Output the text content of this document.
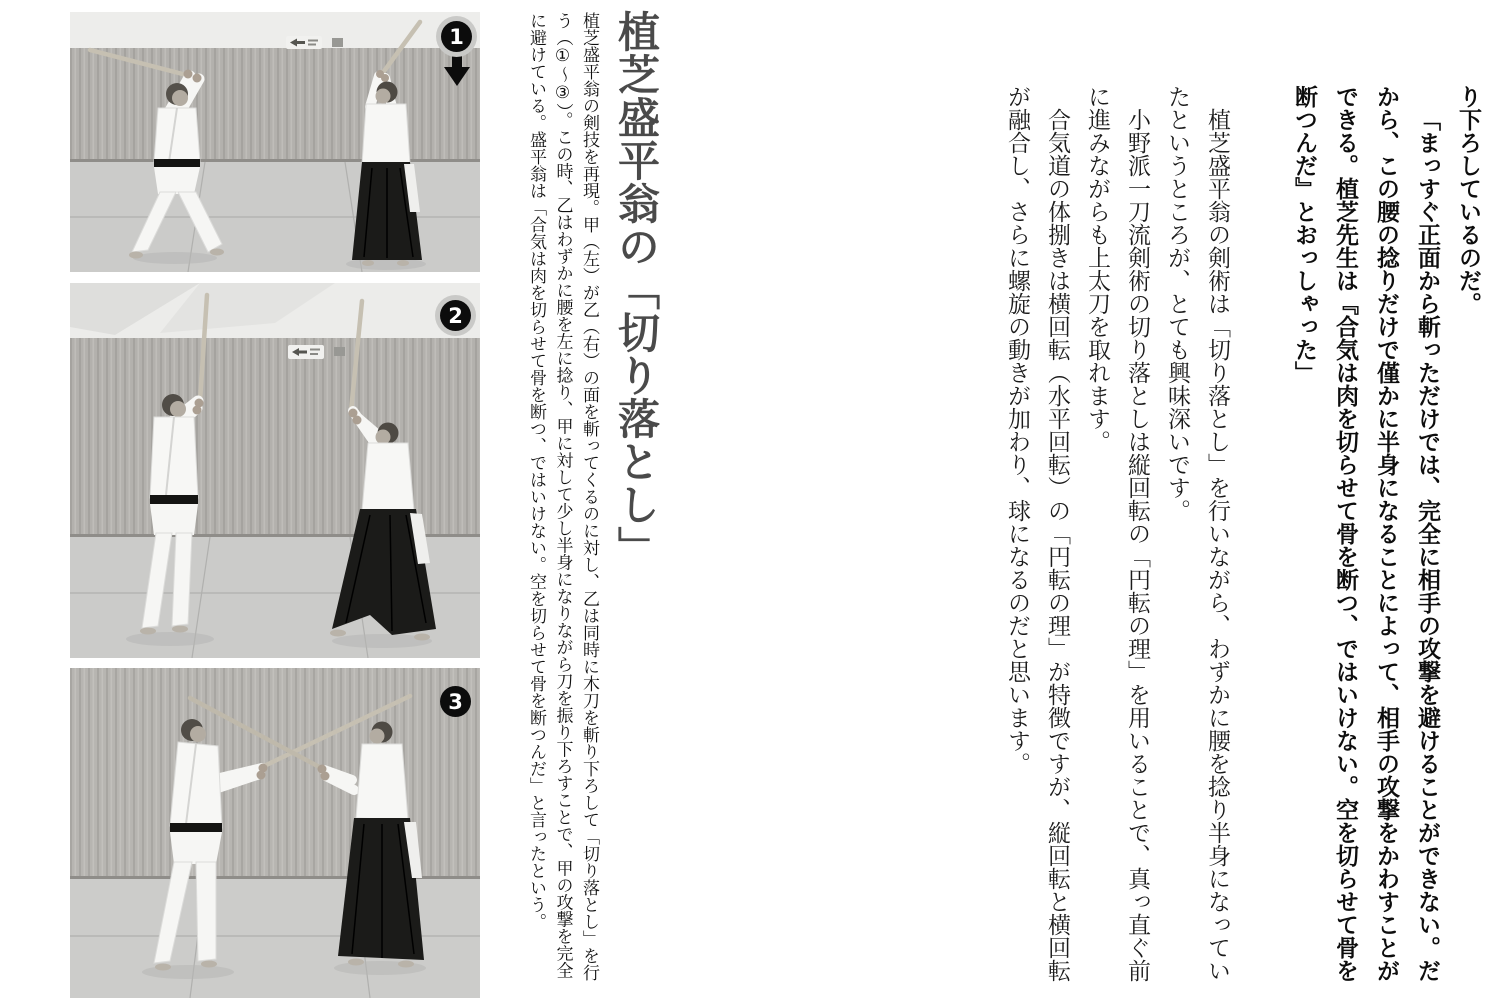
1
2
3	植芝盛平翁の剣技を再現。甲（左）が乙（右）の面を斬ってくるのに対し、乙は同時に木刀を斬り下ろして「切り落とし」を行う（①～③）。この時、乙はわずかに腰を左に捻り、甲に対して少し半身になりながら刀を振り下ろすことで、甲の攻撃を完全に避けている。盛平翁は「合気は肉を切らせて骨を断つ、ではいけない。空を切らせて骨を断つんだ」と言ったという。	植芝盛平翁の「切り落とし」	植芝盛平翁の剣術は「切り落とし」を行いながら、わずかに腰を捻り半身になっていたというところが、とても興味深いです。

小野派一刀流剣術の切り落としは縦回転の「円転の理」を用いることで、真っ直ぐ前に進みながらも上太刀を取れます。

合気道の体捌きは横回転（水平回転）の「円転の理」が特徴ですが、縦回転と横回転が融合し、さらに螺旋の動きが加わり、球になるのだと思います。	り下ろしているのだ。

「まっすぐ正面から斬っただけでは、完全に相手の攻撃を避けることができない。だから、この腰の捻りだけで僅かに半身になることによって、相手の攻撃をかわすことができる。植芝先生は『合気は肉を切らせて骨を断つ、ではいけない。空を切らせて骨を断つんだ』とおっしゃった」
